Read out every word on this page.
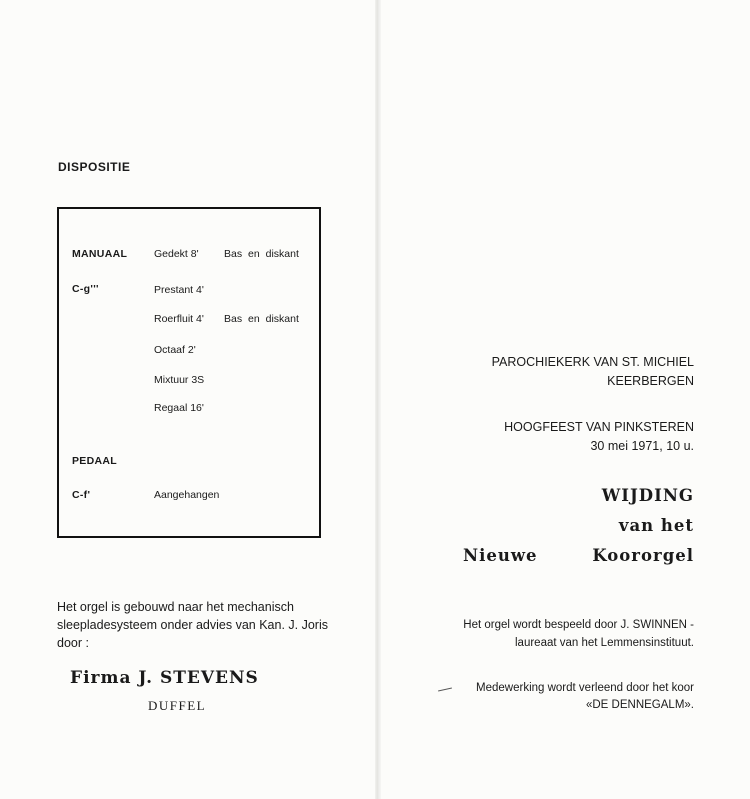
DISPOSITIE
MANUAAL
C-g'''
Gedekt 8' Bas en diskant
Prestant 4'
Roerfluit 4' Bas en diskant
Octaaf 2'
Mixtuur 3S
Regaal 16'
PEDAAL
C-f'	Aangehangen
Het orgel is gebouwd naar het mechanisch sleepladesysteem onder advies van Kan. J. Joris door :
Firma J. STEVENS
DUFFEL
PAROCHIEKERK VAN ST. MICHIEL
KEERBERGEN
HOOGFEEST VAN PINKSTEREN
30 mei 1971, 10 u.
WIJDING
van het
Nieuwe	Koororgel
Het orgel wordt bespeeld door J. SWINNEN -
laureaat van het Lemmensinstituut.
Medewerking wordt verleend door het koor
«DE DENNEGALM».
